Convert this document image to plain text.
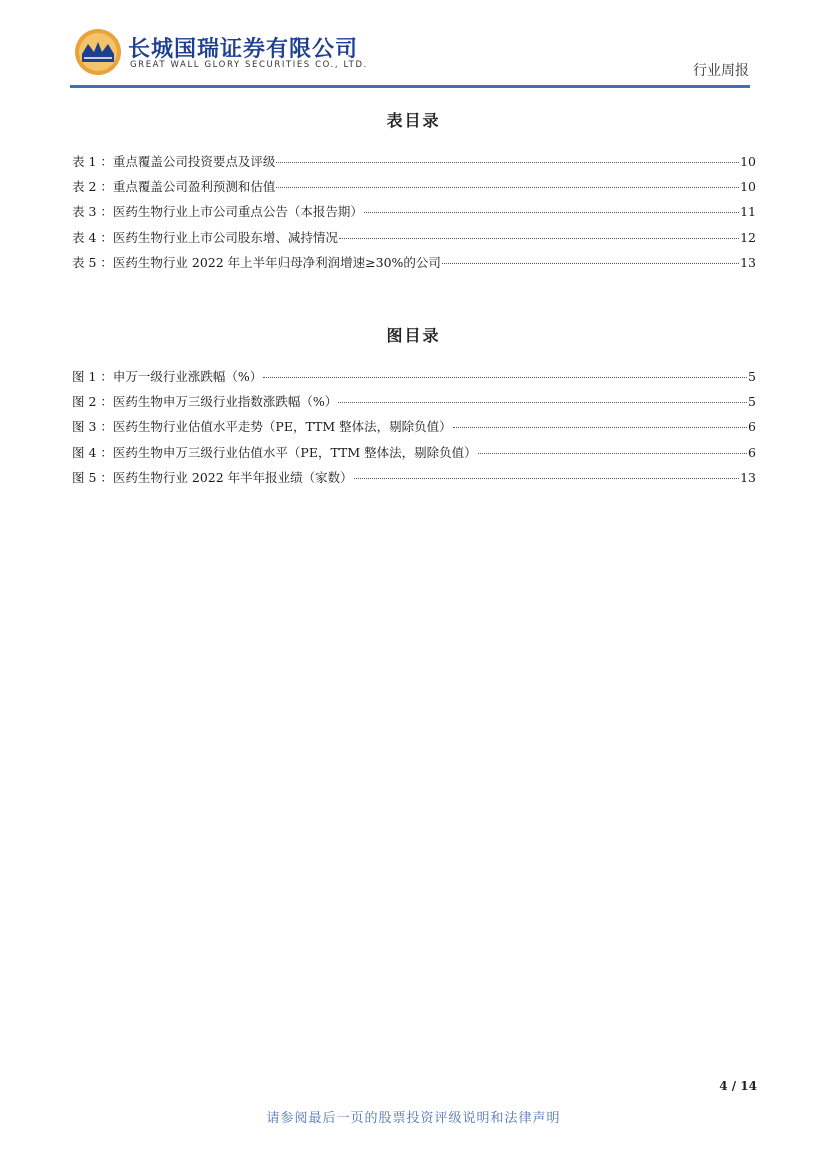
长城国瑞证券有限公司
GREAT WALL GLORY SECURITIES CO., LTD.	行业周报
表目录
表 1 ： 重点覆盖公司投资要点及评级	10
表 2 ： 重点覆盖公司盈利预测和估值	10
表 3 ： 医药生物行业上市公司重点公告（本报告期）	11
表 4 ： 医药生物行业上市公司股东增、减持情况	12
表 5 ： 医药生物行业 2022 年上半年归母净利润增速≥30%的公司	13
图目录
图 1 ： 申万一级行业涨跌幅（%）	5
图 2 ： 医药生物申万三级行业指数涨跌幅（%）	5
图 3 ： 医药生物行业估值水平走势（PE，TTM 整体法，剔除负值）	6
图 4 ： 医药生物申万三级行业估值水平（PE，TTM 整体法，剔除负值）	6
图 5 ： 医药生物行业 2022 年半年报业绩（家数）	13
4 / 14
请参阅最后一页的股票投资评级说明和法律声明
